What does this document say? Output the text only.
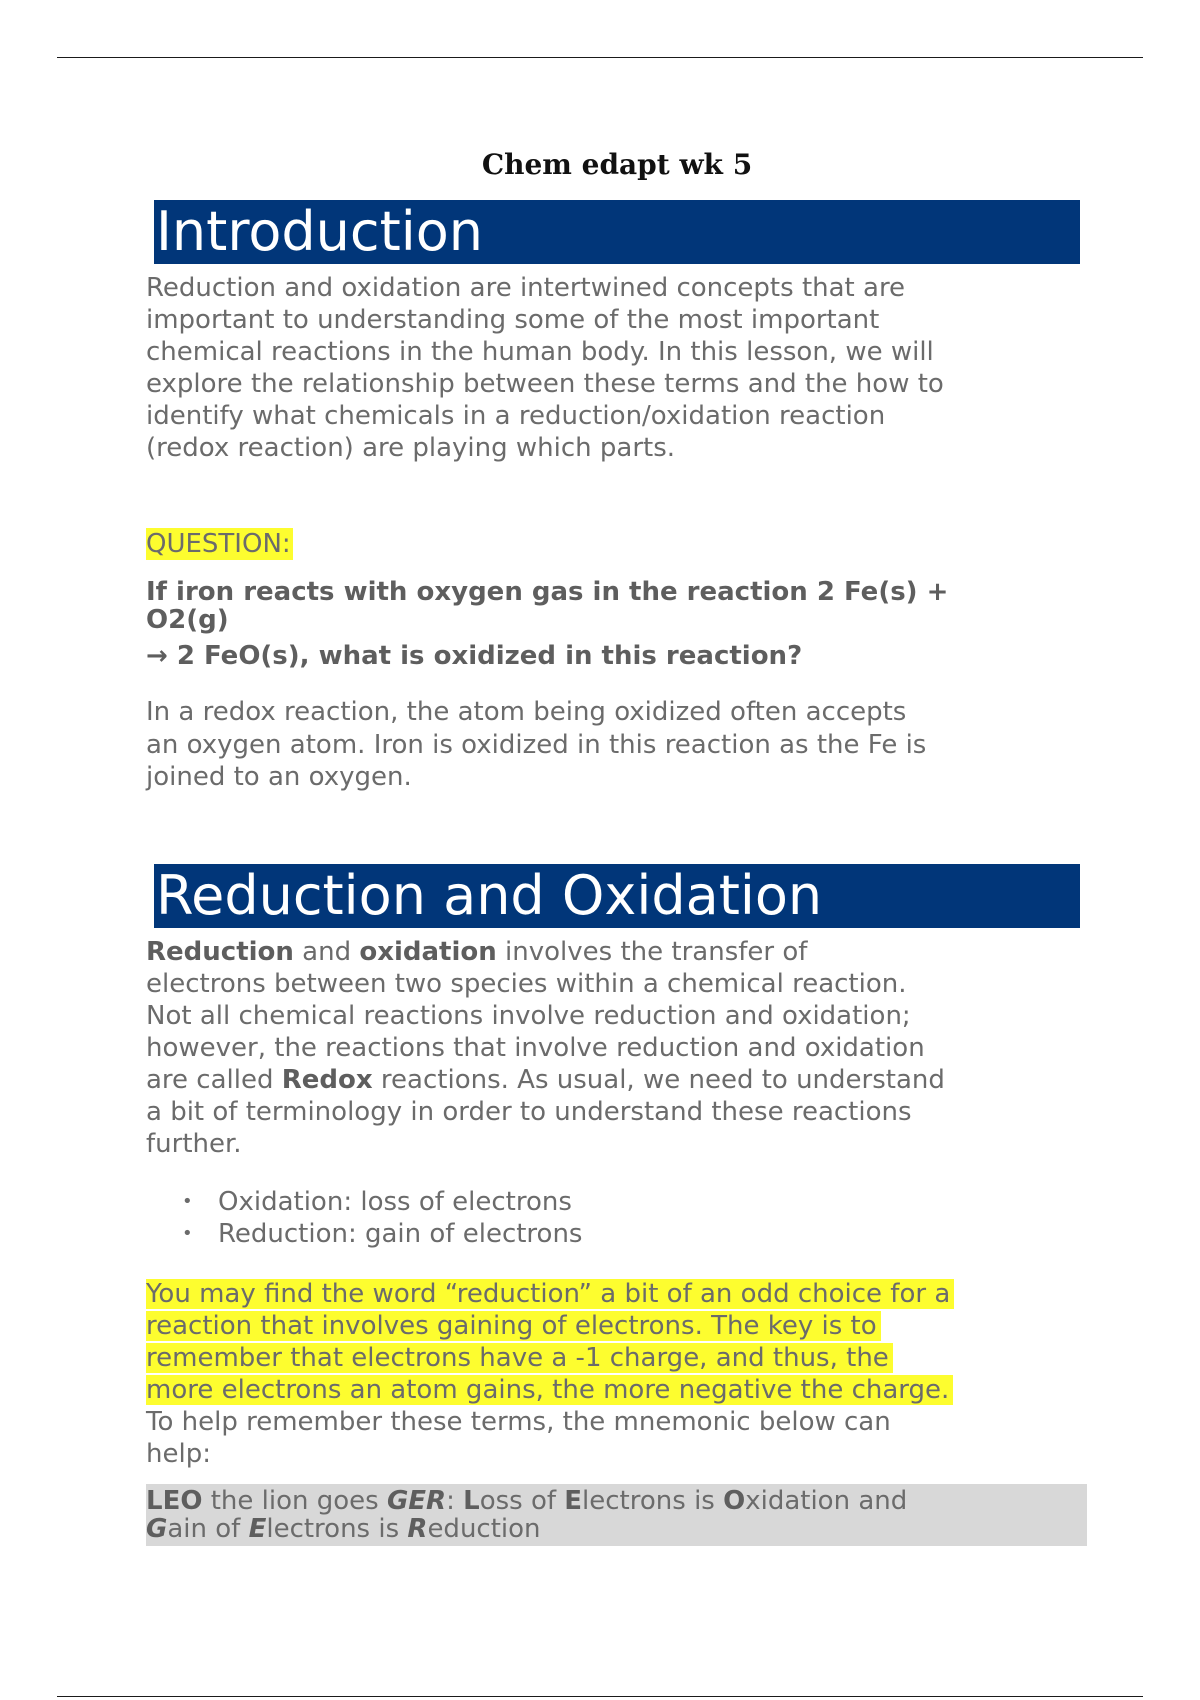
Chem edapt wk 5
Introduction
Reduction and oxidation are intertwined concepts that are
important to understanding some of the most important
chemical reactions in the human body. In this lesson, we will
explore the relationship between these terms and the how to
identify what chemicals in a reduction/oxidation reaction
(redox reaction) are playing which parts.
QUESTION:
If iron reacts with oxygen gas in the reaction 2 Fe(s) +
O2(g)
→ 2 FeO(s), what is oxidized in this reaction?
In a redox reaction, the atom being oxidized often accepts
an oxygen atom. Iron is oxidized in this reaction as the Fe is
joined to an oxygen.
Reduction and Oxidation
Reduction and oxidation involves the transfer of
electrons between two species within a chemical reaction.
Not all chemical reactions involve reduction and oxidation;
however, the reactions that involve reduction and oxidation
are called Redox reactions. As usual, we need to understand
a bit of terminology in order to understand these reactions
further.
• Oxidation: loss of electrons
• Reduction: gain of electrons
You may find the word “reduction” a bit of an odd choice for a
reaction that involves gaining of electrons. The key is to
remember that electrons have a -1 charge, and thus, the
more electrons an atom gains, the more negative the charge.
To help remember these terms, the mnemonic below can
help:
LEO the lion goes GER: Loss of Electrons is Oxidation and
Gain of Electrons is Reduction
